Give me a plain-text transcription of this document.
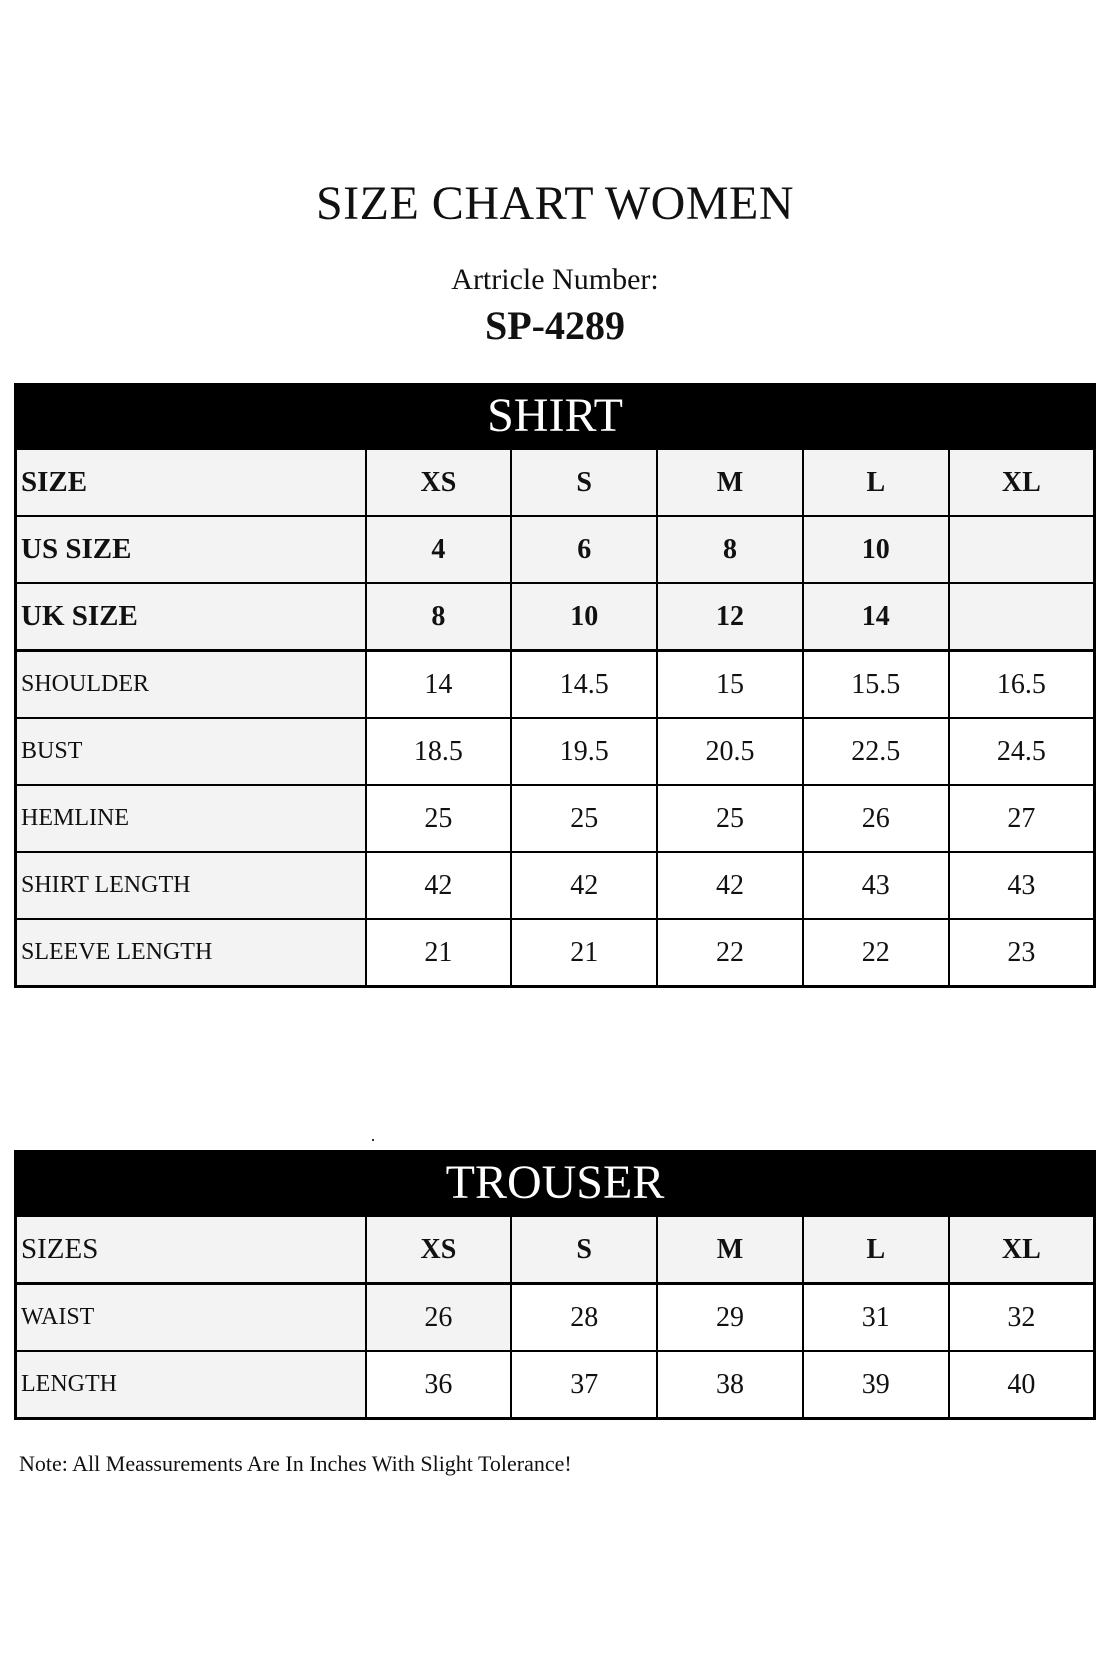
SIZE CHART WOMEN
Artricle Number:
SP-4289
SHIRT
SIZE	XS	S	M	L	XL
US SIZE	4	6	8	10	
UK SIZE	8	10	12	14	
SHOULDER	14	14.5	15	15.5	16.5
BUST	18.5	19.5	20.5	22.5	24.5
HEMLINE	25	25	25	26	27
SHIRT LENGTH	42	42	42	43	43
SLEEVE LENGTH	21	21	22	22	23
TROUSER
SIZES	XS	S	M	L	XL
WAIST	26	28	29	31	32
LENGTH	36	37	38	39	40
Note: All Meassurements Are In Inches With Slight Tolerance!
